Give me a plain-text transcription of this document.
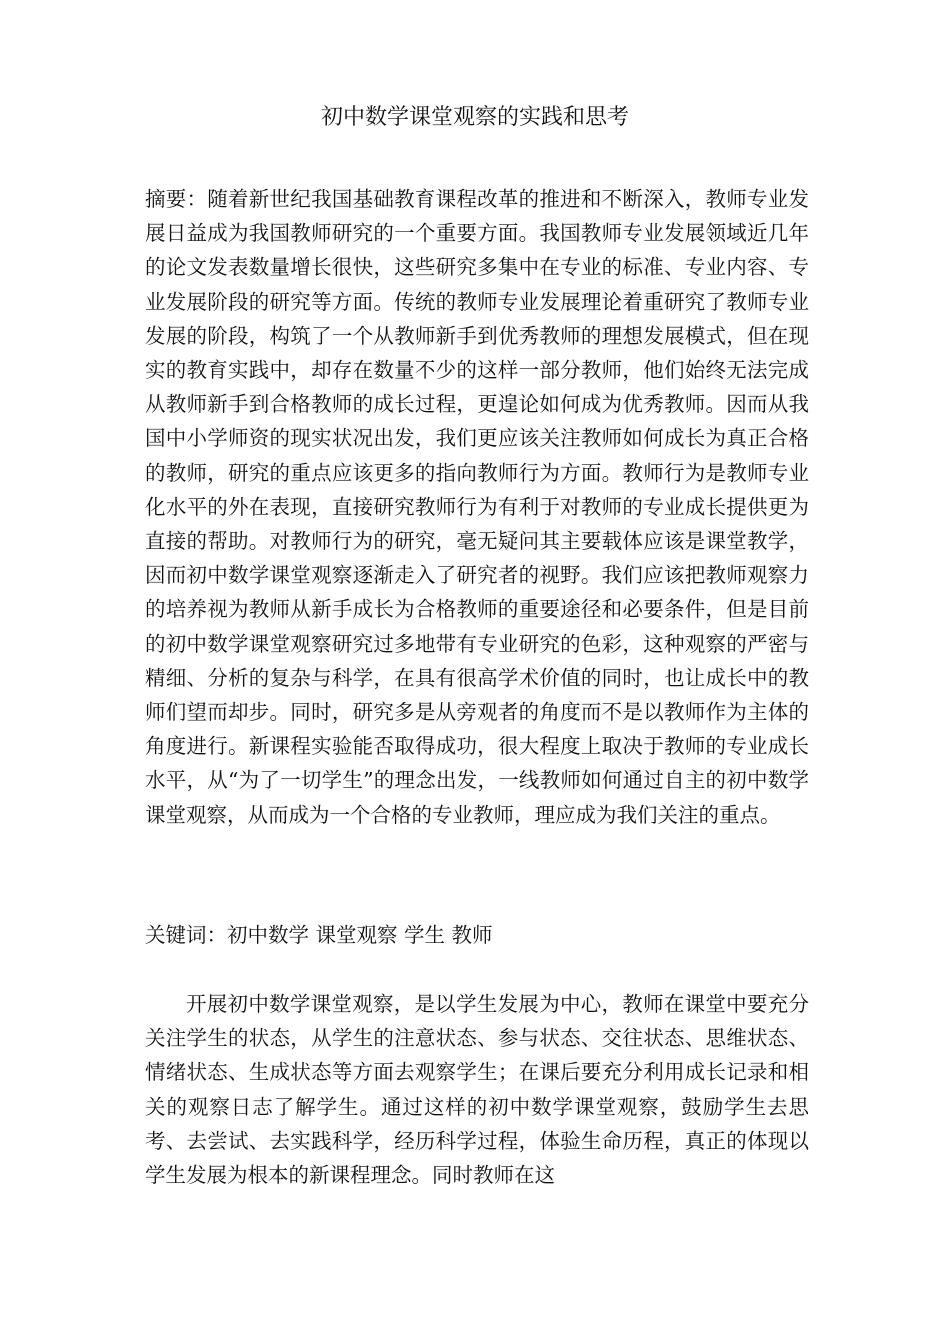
初中数学课堂观察的实践和思考

摘要：随着新世纪我国基础教育课程改革的推进和不断深入，教师专业发展日益成为我国教师研究的一个重要方面。我国教师专业发展领域近几年的论文发表数量增长很快，这些研究多集中在专业的标准、专业内容、专业发展阶段的研究等方面。传统的教师专业发展理论着重研究了教师专业发展的阶段，构筑了一个从教师新手到优秀教师的理想发展模式，但在现实的教育实践中，却存在数量不少的这样一部分教师，他们始终无法完成从教师新手到合格教师的成长过程，更遑论如何成为优秀教师。因而从我国中小学师资的现实状况出发，我们更应该关注教师如何成长为真正合格的教师，研究的重点应该更多的指向教师行为方面。教师行为是教师专业化水平的外在表现，直接研究教师行为有利于对教师的专业成长提供更为直接的帮助。对教师行为的研究，毫无疑问其主要载体应该是课堂教学，因而初中数学课堂观察逐渐走入了研究者的视野。我们应该把教师观察力的培养视为教师从新手成长为合格教师的重要途径和必要条件，但是目前的初中数学课堂观察研究过多地带有专业研究的色彩，这种观察的严密与精细、分析的复杂与科学，在具有很高学术价值的同时，也让成长中的教师们望而却步。同时，研究多是从旁观者的角度而不是以教师作为主体的角度进行。新课程实验能否取得成功，很大程度上取决于教师的专业成长水平，从“为了一切学生”的理念出发，一线教师如何通过自主的初中数学课堂观察，从而成为一个合格的专业教师，理应成为我们关注的重点。

关键词：初中数学 课堂观察 学生 教师

开展初中数学课堂观察，是以学生发展为中心，教师在课堂中要充分关注学生的状态，从学生的注意状态、参与状态、交往状态、思维状态、情绪状态、生成状态等方面去观察学生；在课后要充分利用成长记录和相关的观察日志了解学生。通过这样的初中数学课堂观察，鼓励学生去思考、去尝试、去实践科学，经历科学过程，体验生命历程，真正的体现以学生发展为根本的新课程理念。同时教师在这
